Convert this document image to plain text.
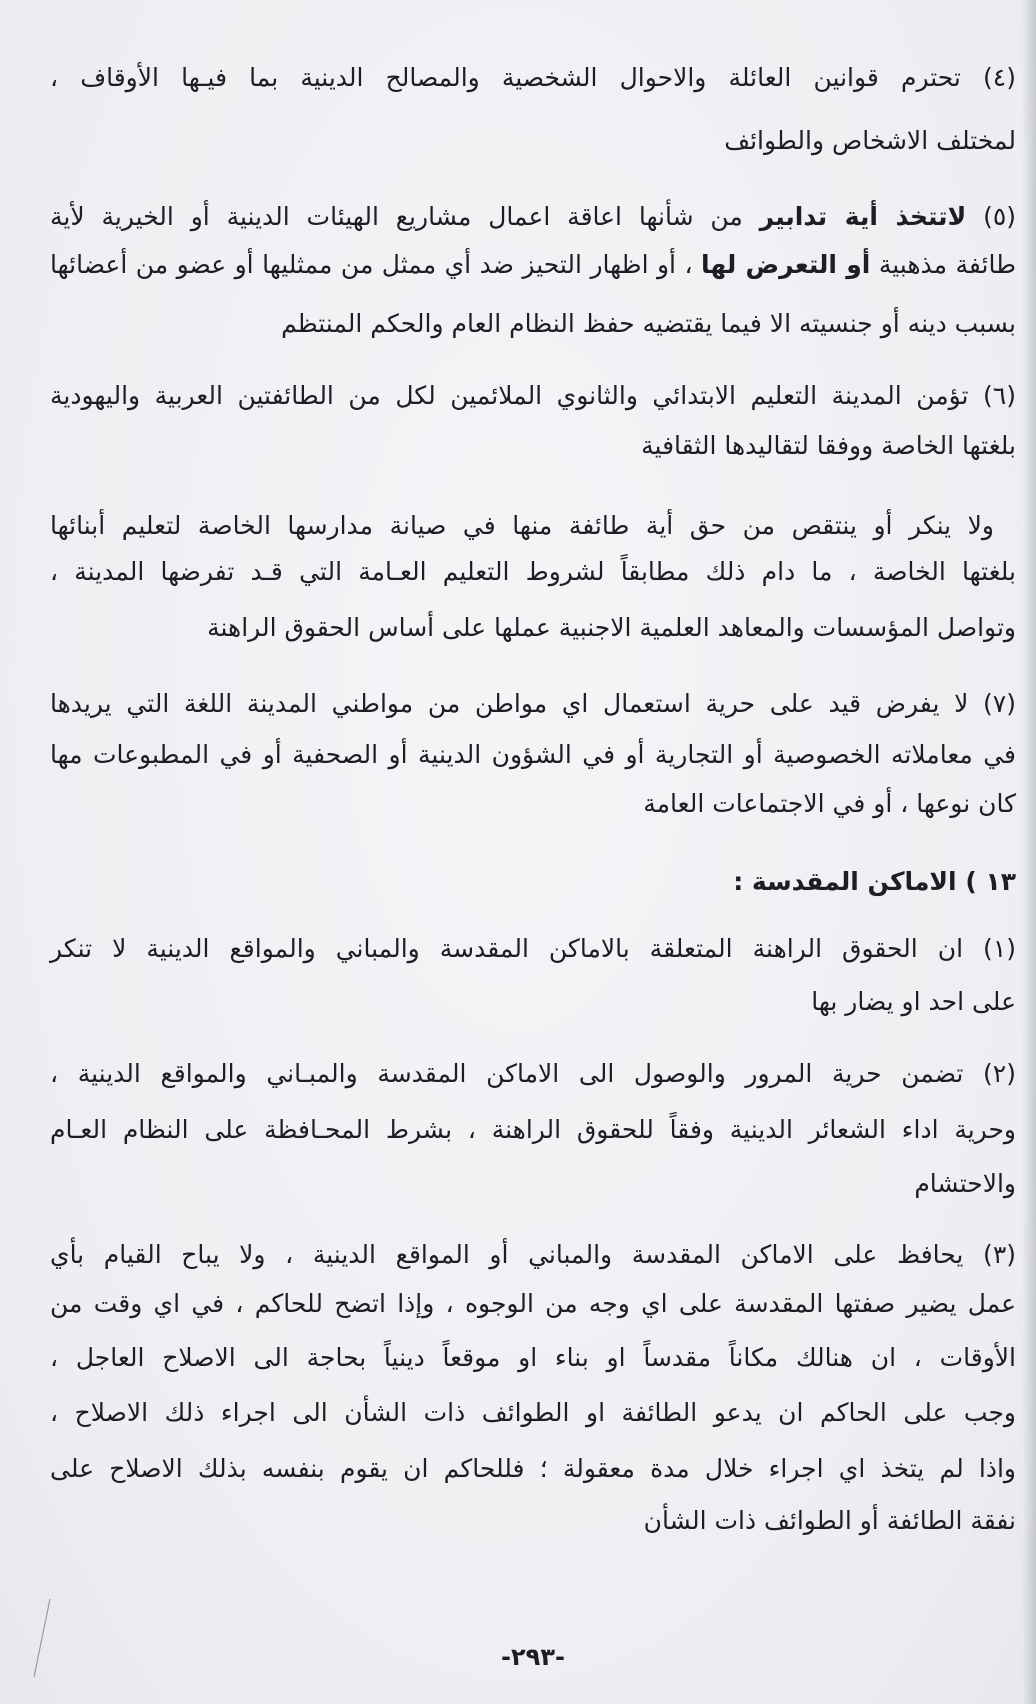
(٤) تحترم قوانين العائلة والاحوال الشخصية والمصالح الدينية بما فيـها الأوقاف ،
لمختلف الاشخاص والطوائف
(٥) لاتتخذ أية تدابير من شأنها اعاقة اعمال مشاريع الهيئات الدينية أو الخيرية لأية
طائفة مذهبية أو التعرض لها ، أو اظهار التحيز ضد أي ممثل من ممثليها أو عضو من أعضائها
بسبب دينه أو جنسيته الا فيما يقتضيه حفظ النظام العام والحكم المنتظم
(٦) تؤمن المدينة التعليم الابتدائي والثانوي الملائمين لكل من الطائفتين العربية واليهودية
بلغتها الخاصة ووفقا لتقاليدها الثقافية
ولا ينكر أو ينتقص من حق أية طائفة منها في صيانة مدارسها الخاصة لتعليم أبنائها
بلغتها الخاصة ، ما دام ذلك مطابقاً لشروط التعليم العـامة التي قـد تفرضها المدينة ،
وتواصل المؤسسات والمعاهد العلمية الاجنبية عملها على أساس الحقوق الراهنة
(٧) لا يفرض قيد على حرية استعمال اي مواطن من مواطني المدينة اللغة التي يريدها
في معاملاته الخصوصية أو التجارية أو في الشؤون الدينية أو الصحفية أو في المطبوعات مها
كان نوعها ، أو في الاجتماعات العامة
١٣ ) الاماكن المقدسة :
(١) ان الحقوق الراهنة المتعلقة بالاماكن المقدسة والمباني والمواقع الدينية لا تنكر
على احد او يضار بها
(٢) تضمن حرية المرور والوصول الى الاماكن المقدسة والمبـاني والمواقع الدينية ،
وحرية اداء الشعائر الدينية وفقاً للحقوق الراهنة ، بشرط المحـافظة على النظام العـام
والاحتشام
(٣) يحافظ على الاماكن المقدسة والمباني أو المواقع الدينية ، ولا يباح القيام بأي
عمل يضير صفتها المقدسة على اي وجه من الوجوه ، وإذا اتضح للحاكم ، في اي وقت من
الأوقات ، ان هنالك مكاناً مقدساً او بناء او موقعاً دينياً بحاجة الى الاصلاح العاجل ،
وجب على الحاكم ان يدعو الطائفة او الطوائف ذات الشأن الى اجراء ذلك الاصلاح ،
واذا لم يتخذ اي اجراء خلال مدة معقولة ؛ فللحاكم ان يقوم بنفسه بذلك الاصلاح على
نفقة الطائفة أو الطوائف ذات الشأن
-٢٩٣-
